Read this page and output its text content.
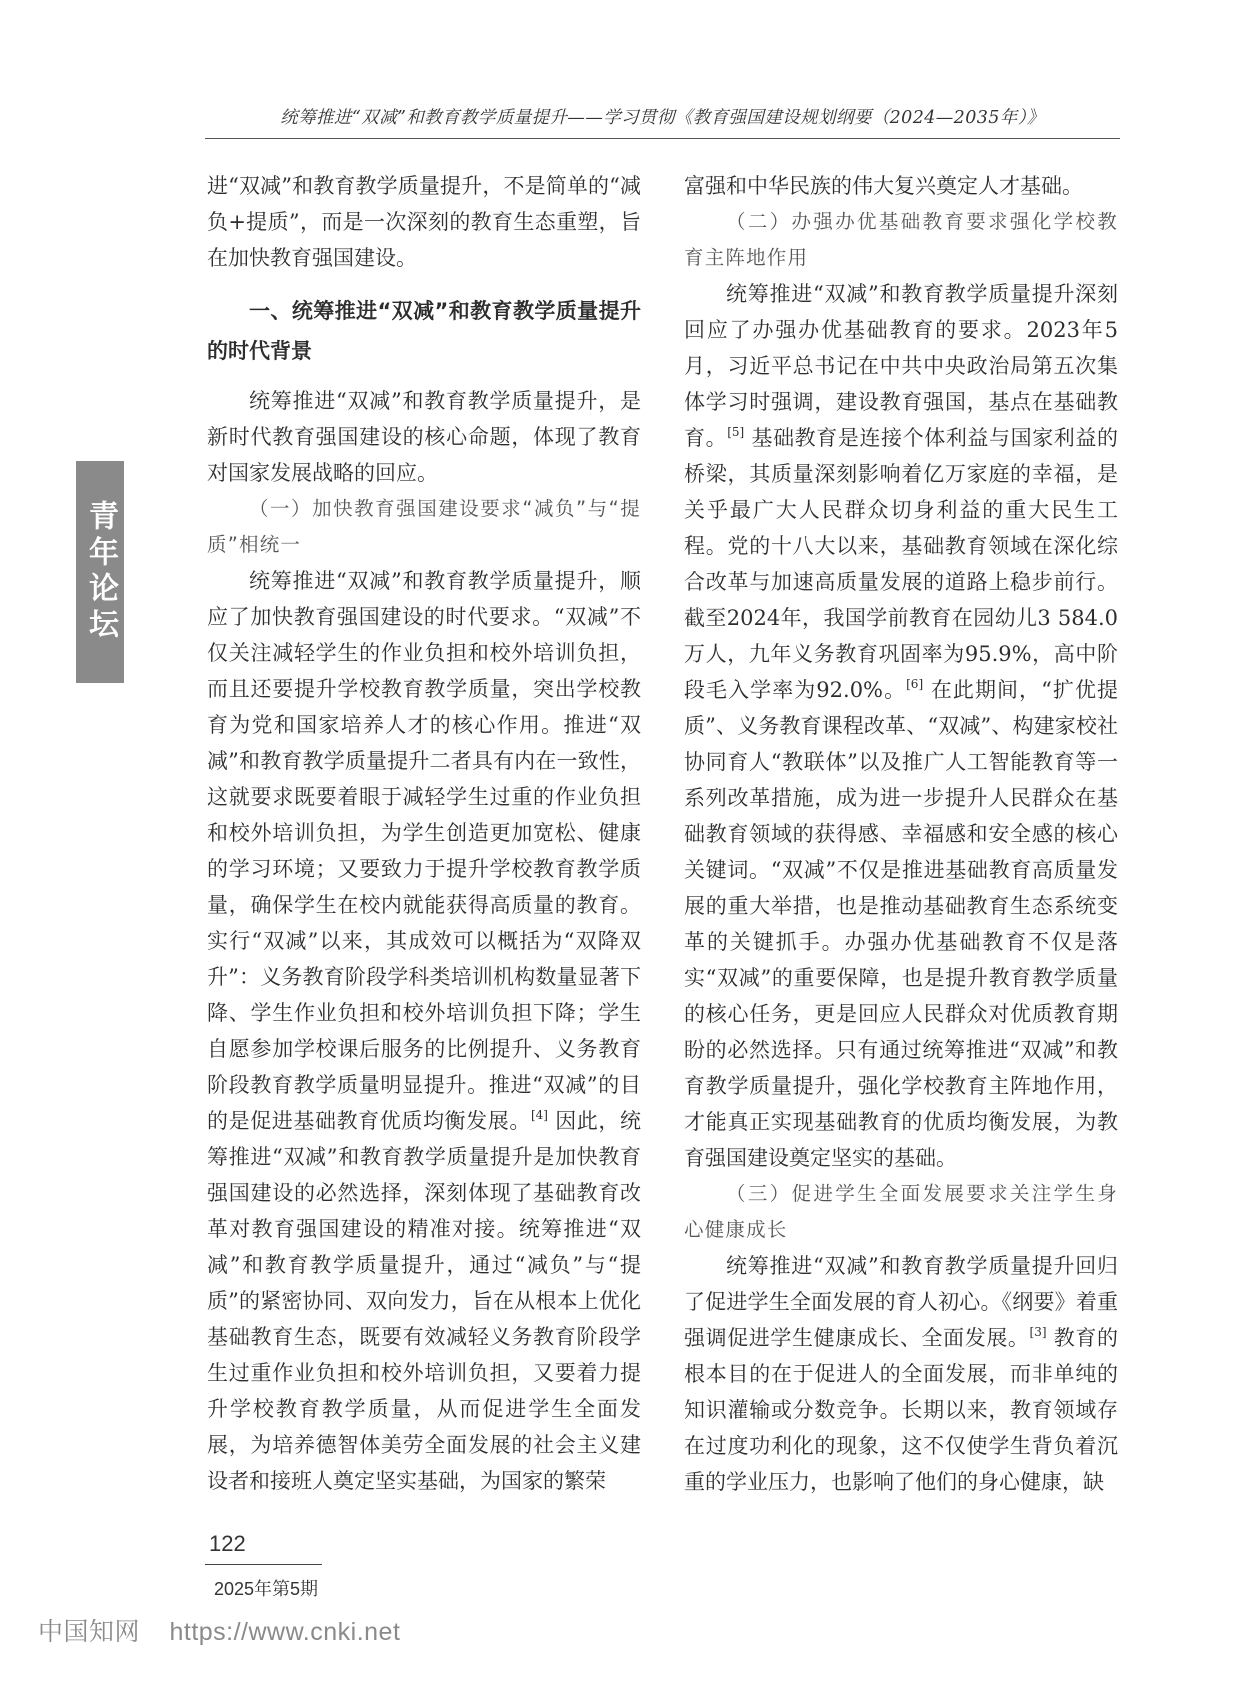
统筹推进“双减”和教育教学质量提升——学习贯彻《教育强国建设规划纲要（2024—2035年）》
青年论坛

进“双减”和教育教学质量提升，不是简单的“减负+提质”，而是一次深刻的教育生态重塑，旨在加快教育强国建设。

一、统筹推进“双减”和教育教学质量提升的时代背景

统筹推进“双减”和教育教学质量提升，是新时代教育强国建设的核心命题，体现了教育对国家发展战略的回应。

（一）加快教育强国建设要求“减负”与“提质”相统一

统筹推进“双减”和教育教学质量提升，顺应了加快教育强国建设的时代要求。“双减”不仅关注减轻学生的作业负担和校外培训负担，而且还要提升学校教育教学质量，突出学校教育为党和国家培养人才的核心作用。推进“双减”和教育教学质量提升二者具有内在一致性，这就要求既要着眼于减轻学生过重的作业负担和校外培训负担，为学生创造更加宽松、健康的学习环境；又要致力于提升学校教育教学质量，确保学生在校内就能获得高质量的教育。实行“双减”以来，其成效可以概括为“双降双升”：义务教育阶段学科类培训机构数量显著下降、学生作业负担和校外培训负担下降；学生自愿参加学校课后服务的比例提升、义务教育阶段教育教学质量明显提升。推进“双减”的目的是促进基础教育优质均衡发展。[4] 因此，统筹推进“双减”和教育教学质量提升是加快教育强国建设的必然选择，深刻体现了基础教育改革对教育强国建设的精准对接。统筹推进“双减”和教育教学质量提升，通过“减负”与“提质”的紧密协同、双向发力，旨在从根本上优化基础教育生态，既要有效减轻义务教育阶段学生过重作业负担和校外培训负担，又要着力提升学校教育教学质量，从而促进学生全面发展，为培养德智体美劳全面发展的社会主义建设者和接班人奠定坚实基础，为国家的繁荣

富强和中华民族的伟大复兴奠定人才基础。

（二）办强办优基础教育要求强化学校教育主阵地作用

统筹推进“双减”和教育教学质量提升深刻回应了办强办优基础教育的要求。2023年5月，习近平总书记在中共中央政治局第五次集体学习时强调，建设教育强国，基点在基础教育。[5] 基础教育是连接个体利益与国家利益的桥梁，其质量深刻影响着亿万家庭的幸福，是关乎最广大人民群众切身利益的重大民生工程。党的十八大以来，基础教育领域在深化综合改革与加速高质量发展的道路上稳步前行。截至2024年，我国学前教育在园幼儿3 584.0万人，九年义务教育巩固率为95.9%，高中阶段毛入学率为92.0%。[6] 在此期间，“扩优提质”、义务教育课程改革、“双减”、构建家校社协同育人“教联体”以及推广人工智能教育等一系列改革措施，成为进一步提升人民群众在基础教育领域的获得感、幸福感和安全感的核心关键词。“双减”不仅是推进基础教育高质量发展的重大举措，也是推动基础教育生态系统变革的关键抓手。办强办优基础教育不仅是落实“双减”的重要保障，也是提升教育教学质量的核心任务，更是回应人民群众对优质教育期盼的必然选择。只有通过统筹推进“双减”和教育教学质量提升，强化学校教育主阵地作用，才能真正实现基础教育的优质均衡发展，为教育强国建设奠定坚实的基础。

（三）促进学生全面发展要求关注学生身心健康成长

统筹推进“双减”和教育教学质量提升回归了促进学生全面发展的育人初心。《纲要》着重强调促进学生健康成长、全面发展。[3] 教育的根本目的在于促进人的全面发展，而非单纯的知识灌输或分数竞争。长期以来，教育领域存在过度功利化的现象，这不仅使学生背负着沉重的学业压力，也影响了他们的身心健康，缺

122
2025年第5期
中国知网 https://www.cnki.net
